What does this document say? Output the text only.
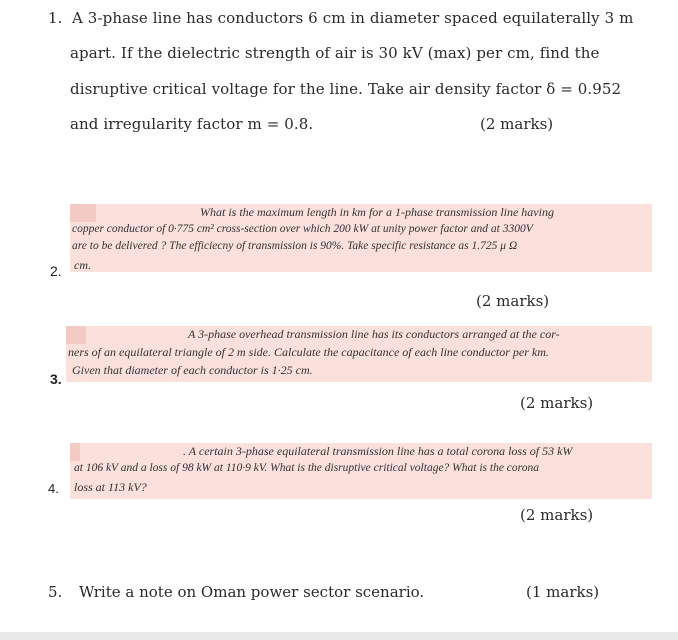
1. A 3-phase line has conductors 6 cm in diameter spaced equilaterally 3 m
apart. If the dielectric strength of air is 30 kV (max) per cm, find the
disruptive critical voltage for the line. Take air density factor δ = 0.952
and irregularity factor m = 0.8.	(2 marks)
What is the maximum length in km for a 1-phase transmission line having
copper conductor of 0·775 cm² cross-section over which 200 kW at unity power factor and at 3300V
are to be delivered ? The efficiecny of transmission is 90%. Take specific resistance as 1.725 μ Ω
cm.
2.
(2 marks)
A 3-phase overhead transmission line has its conductors arranged at the cor-
ners of an equilateral triangle of 2 m side. Calculate the capacitance of each line conductor per km.
Given that diameter of each conductor is 1·25 cm.
3.
(2 marks)
. A certain 3-phase equilateral transmission line has a total corona loss of 53 kW
at 106 kV and a loss of 98 kW at 110·9 kV. What is the disruptive critical voltage? What is the corona
loss at 113 kV?
4.
(2 marks)
5. Write a note on Oman power sector scenario.	(1 marks)
